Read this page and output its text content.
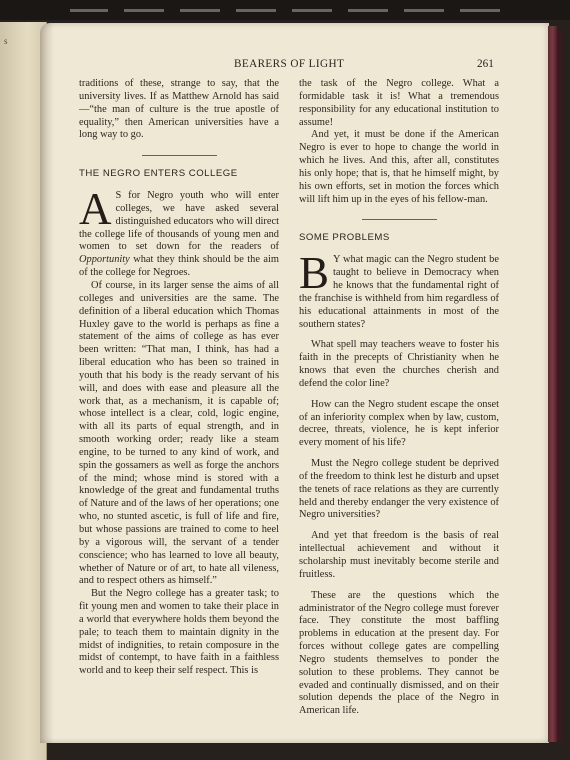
s
BEARERS OF LIGHT	261

traditions of these, strange to say, that the university lives. If as Matthew Arnold has said—“the man of culture is the true apostle of equality,” then American universities have a long way to go.

THE NEGRO ENTERS COLLEGE

A S for Negro youth who will enter colleges, we have asked several distinguished educators who will direct the college life of thousands of young men and women to set down for the readers of Opportunity what they think should be the aim of the college for Negroes.

Of course, in its larger sense the aims of all colleges and universities are the same. The definition of a liberal education which Thomas Huxley gave to the world is perhaps as fine a statement of the aims of college as has ever been written: “That man, I think, has had a liberal education who has been so trained in youth that his body is the ready servant of his will, and does with ease and pleasure all the work that, as a mechanism, it is capable of; whose intellect is a clear, cold, logic engine, with all its parts of equal strength, and in smooth working order; ready like a steam engine, to be turned to any kind of work, and spin the gossamers as well as forge the anchors of the mind; whose mind is stored with a knowledge of the great and fundamental truths of Nature and of the laws of her operations; one who, no stunted ascetic, is full of life and fire, but whose passions are trained to come to heel by a vigorous will, the servant of a tender conscience; who has learned to love all beauty, whether of Nature or of art, to hate all vileness, and to respect others as himself.”

But the Negro college has a greater task; to fit young men and women to take their place in a world that everywhere holds them beyond the pale; to teach them to maintain dignity in the midst of indignities, to retain composure in the midst of contempt, to have faith in a faithless world and to keep their self respect. This is

the task of the Negro college. What a formidable task it is! What a tremendous responsibility for any educational institution to assume!

And yet, it must be done if the American Negro is ever to hope to change the world in which he lives. And this, after all, constitutes his only hope; that is, that he himself might, by his own efforts, set in motion the forces which will lift him up in the eyes of his fellow-man.

SOME PROBLEMS

B Y what magic can the Negro student be taught to believe in Democracy when he knows that the fundamental right of the franchise is withheld from him regardless of his educational attainments in most of the southern states?

What spell may teachers weave to foster his faith in the precepts of Christianity when he knows that even the churches cherish and defend the color line?

How can the Negro student escape the onset of an inferiority complex when by law, custom, decree, threats, violence, he is kept inferior every moment of his life?

Must the Negro college student be deprived of the freedom to think lest he disturb and upset the tenets of race relations as they are currently held and thereby endanger the very existence of Negro universities?

And yet that freedom is the basis of real intellectual achievement and without it scholarship must inevitably become sterile and fruitless.

These are the questions which the administrator of the Negro college must forever face. They constitute the most baffling problems in education at the present day. For forces without college gates are compelling Negro students themselves to ponder the solution to these problems. They cannot be evaded and continually dismissed, and on their solution depends the place of the Negro in American life.
